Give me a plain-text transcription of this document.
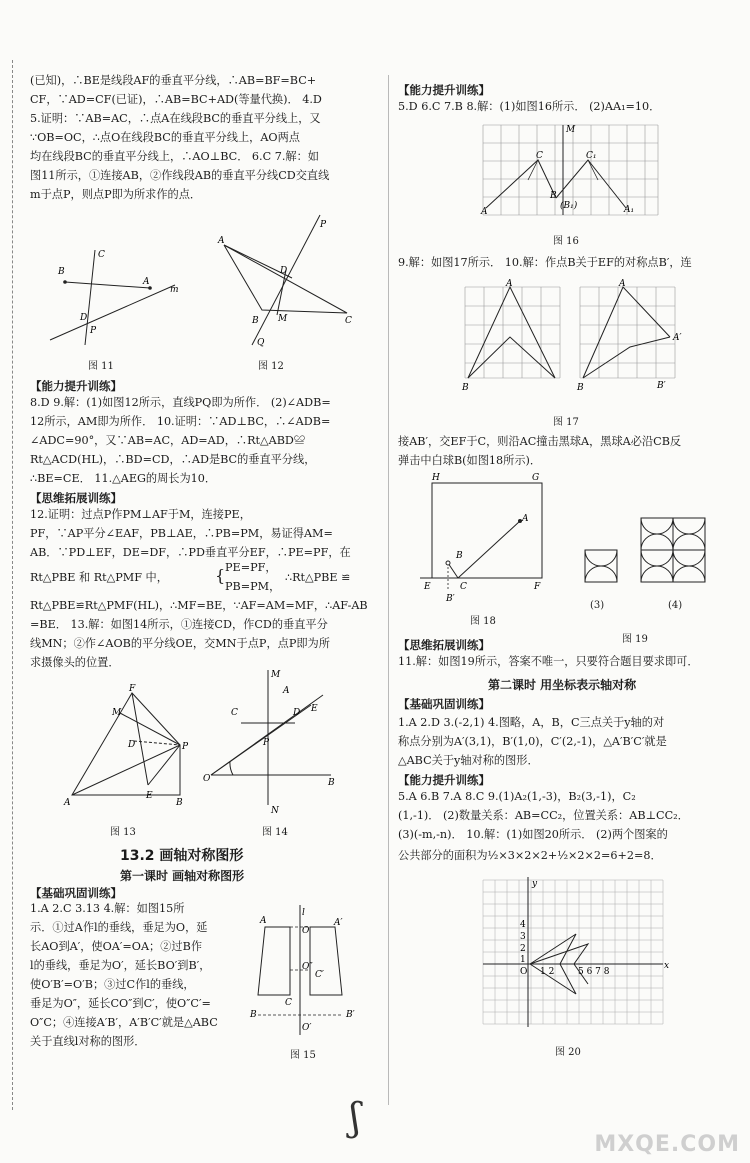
(已知)，∴BE是线段AF的垂直平分线，∴AB=BF=BC+
CF，∵AD=CF(已证)，∴AB=BC+AD(等量代换)． 4.D
5.证明：∵AB=AC，∴点A在线段BC的垂直平分线上，又
∵OB=OC，∴点O在线段BC的垂直平分线上，AO两点
均在线段BC的垂直平分线上，∴AO⊥BC． 6.C 7.解：如
图11所示，①连接AB，②作线段AB的垂直平分线CD交直线
m于点P，则点P即为所求作的点．
B
A
C
D
P
m
图 11
A
B	C
D
M
P
Q
图 12
【能力提升训练】
8.D 9.解：(1)如图12所示，直线PQ即为所作． (2)∠ADB=
12所示，AM即为所作． 10.证明：∵AD⊥BC，∴∠ADB=
∠ADC=90°，又∵AB=AC，AD=AD，∴Rt△ABD≌
Rt△ACD(HL)，∴BD=CD，∴AD是BC的垂直平分线，
∴BE=CE． 11.△AEG的周长为10．
【思维拓展训练】
12.证明：过点P作PM⊥AF于M，连接PE，
PF，∵AP平分∠EAF，PB⊥AE，∴PB=PM，易证得AM=
AB．∵PD⊥EF，DE=DF，∴PD垂直平分EF，∴PE=PF，在
Rt△PBE 和 Rt△PMF 中，	{ PE=PF，
PB=PM，
∴Rt△PBE ≌
Rt△PBE≌Rt△PMF(HL)，∴MF=BE，∵AF=AM=MF，∴AF-AB
=BE． 13.解：如图14所示，①连接CD，作CD的垂直平分
线MN；②作∠AOB的平分线OE，交MN于点P，点P即为所
求摄像头的位置．
A
F
M
P
E
B
D
图 13
O	B
C	D
M
N
A
P
E
图 14
13.2 画轴对称图形
第一课时 画轴对称图形
【基础巩固训练】
1.A 2.C 3.13 4.解：如图15所
示．①过A作l的垂线，垂足为O，延
长AO到A′，使OA′=OA；②过B作
l的垂线，垂足为O′，延长BO′到B′，
使O′B′=O′B；③过C作l的垂线，
垂足为O″，延长CO″到C′，使O″C′=
O″C；④连接A′B′，A′B′C′就是△ABC
关于直线l对称的图形．
A	A′
l
O
C
C′
O″
B	B′
O′
图 15
【能力提升训练】
5.D 6.C 7.B 8.解：(1)如图16所示． (2)AA₁=10．
A
C	C₁
M
B
(B₁)	A₁
图 16
9.解：如图17所示． 10.解：作点B关于EF的对称点B′，连
A
B
A
B
A′
B′
图 17
接AB′，交EF于C，则沿AC撞击黑球A，黑球A必沿CB反
弹击中白球B(如图18所示)．
H	G
A
B
E	C	F
B′
图 18
(3)	(4)
图 19
【思维拓展训练】
11.解：如图19所示，答案不唯一，只要符合题目要求即可．
第二课时 用坐标表示轴对称
【基础巩固训练】
1.A 2.D 3.(-2,1) 4.图略，A，B，C三点关于y轴的对
称点分别为A′(3,1)，B′(1,0)，C′(2,-1)，△A′B′C′就是
△ABC关于y轴对称的图形．
【能力提升训练】
5.A 6.B 7.A 8.C 9.(1)A₂(1,-3)，B₂(3,-1)，C₂
(1,-1)． (2)数量关系：AB=CC₂，位置关系：AB⊥CC₂．
(3)(-m,-n)． 10.解：(1)如图20所示． (2)两个图案的
公共部分的面积为½×3×2×2+½×2×2=6+2=8．
x
y
O 1 2	5 6 7 8
4
3
2
1
图 20
ʃ
MXQE.COM
